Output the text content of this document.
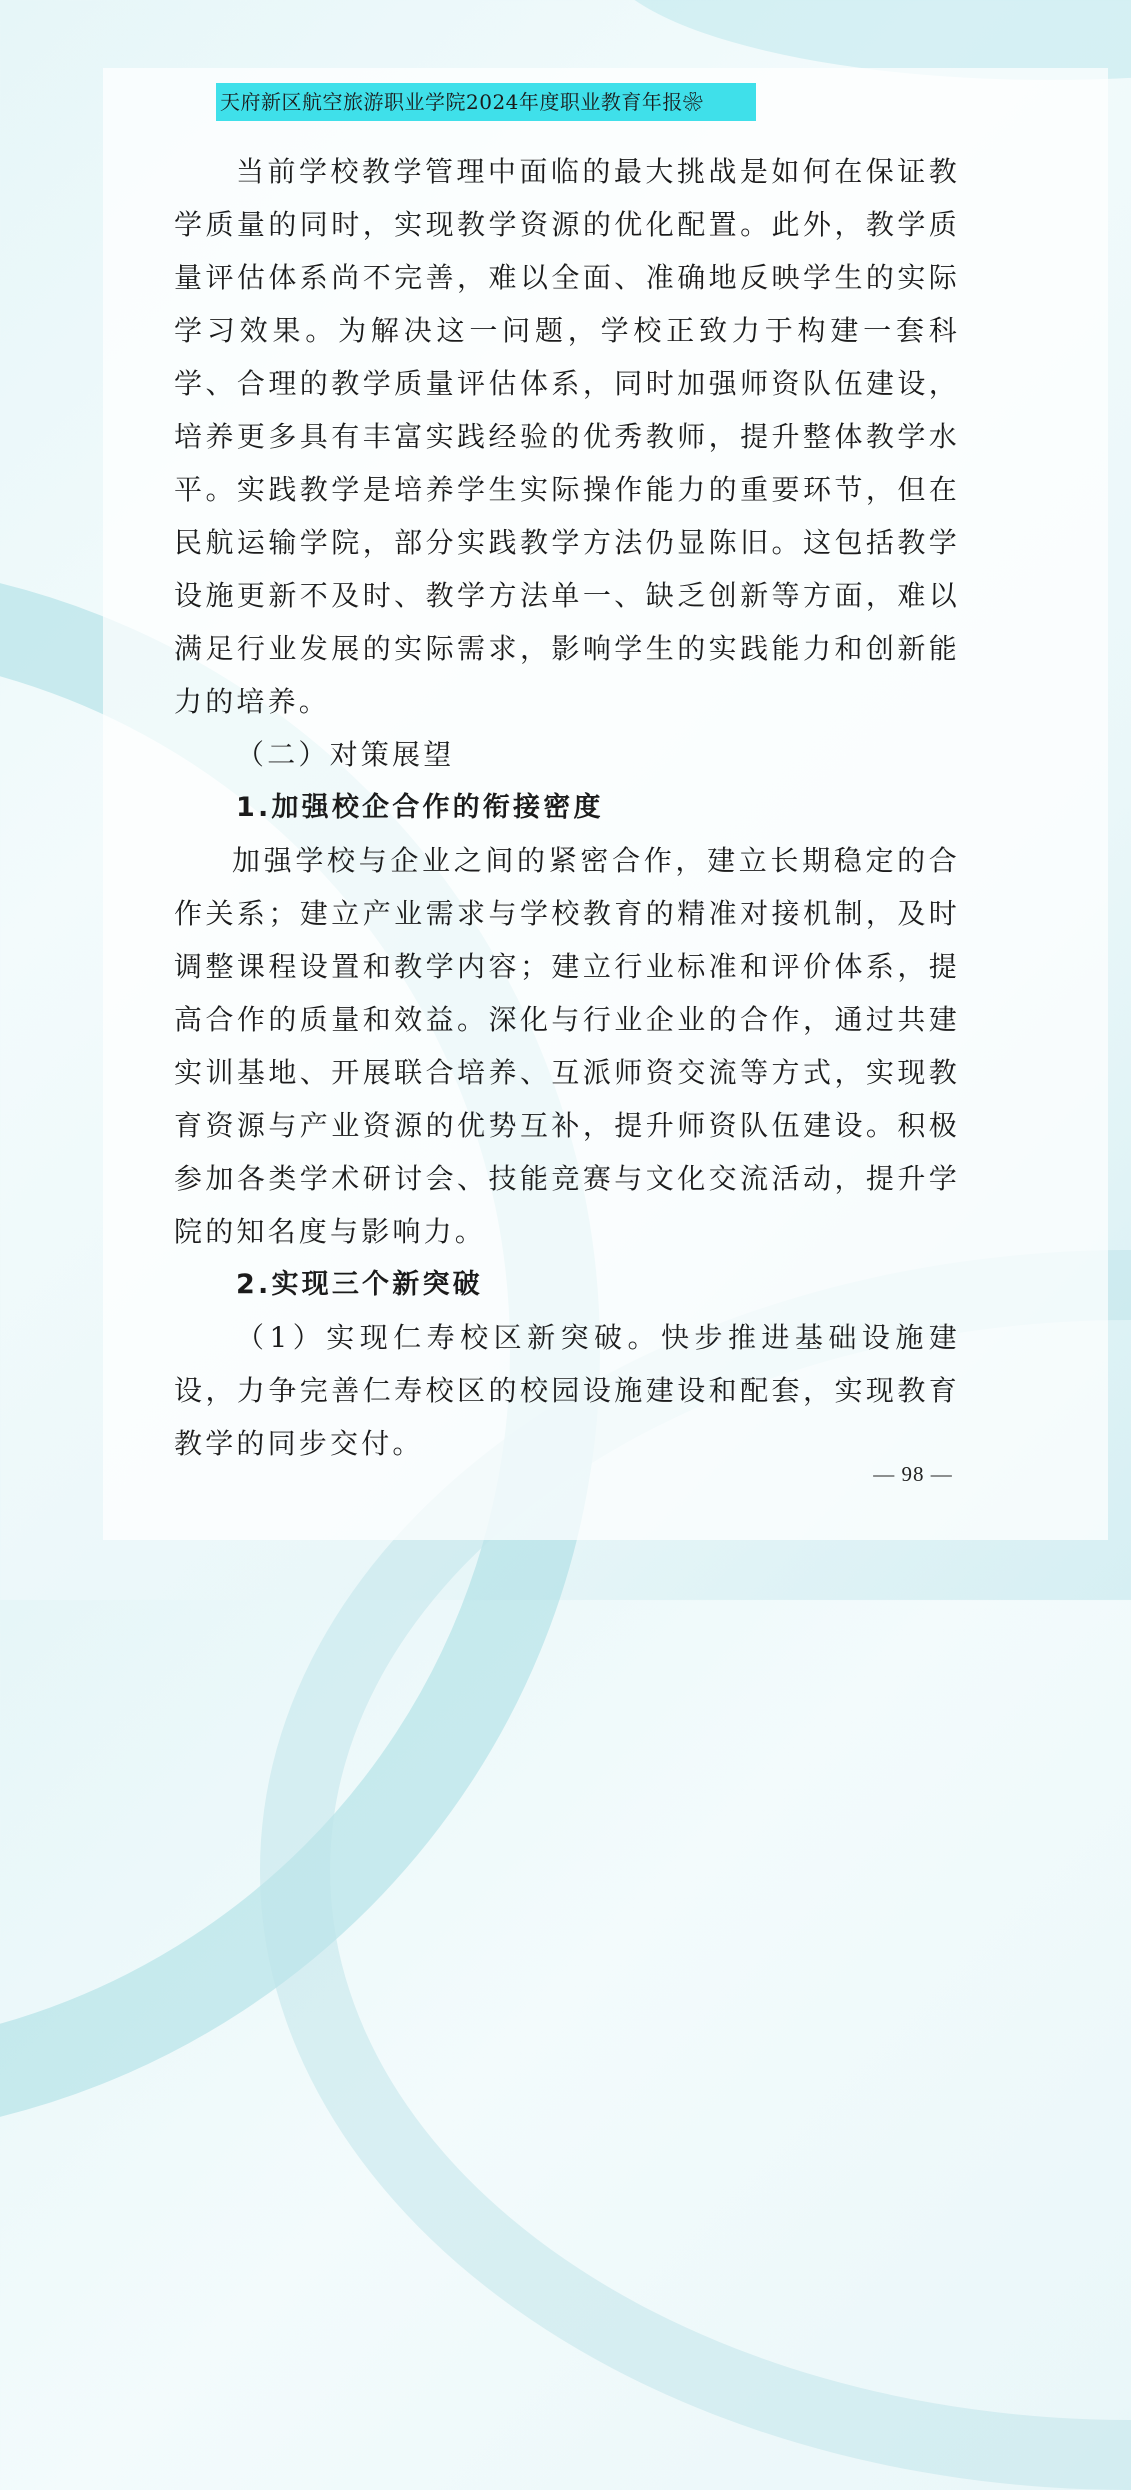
天府新区航空旅游职业学院2024年度职业教育年报❀

当前学校教学管理中面临的最大挑战是如何在保证教学质量的同时，实现教学资源的优化配置。此外，教学质量评估体系尚不完善，难以全面、准确地反映学生的实际学习效果。为解决这一问题，学校正致力于构建一套科学、合理的教学质量评估体系，同时加强师资队伍建设，培养更多具有丰富实践经验的优秀教师，提升整体教学水平。实践教学是培养学生实际操作能力的重要环节，但在民航运输学院，部分实践教学方法仍显陈旧。这包括教学设施更新不及时、教学方法单一、缺乏创新等方面，难以满足行业发展的实际需求，影响学生的实践能力和创新能力的培养。

（二）对策展望

1.加强校企合作的衔接密度

加强学校与企业之间的紧密合作，建立长期稳定的合作关系；建立产业需求与学校教育的精准对接机制，及时调整课程设置和教学内容；建立行业标准和评价体系，提高合作的质量和效益。深化与行业企业的合作，通过共建实训基地、开展联合培养、互派师资交流等方式，实现教育资源与产业资源的优势互补，提升师资队伍建设。积极参加各类学术研讨会、技能竞赛与文化交流活动，提升学院的知名度与影响力。

2.实现三个新突破

（1）实现仁寿校区新突破。快步推进基础设施建设，力争完善仁寿校区的校园设施建设和配套，实现教育教学的同步交付。

— 98 —
